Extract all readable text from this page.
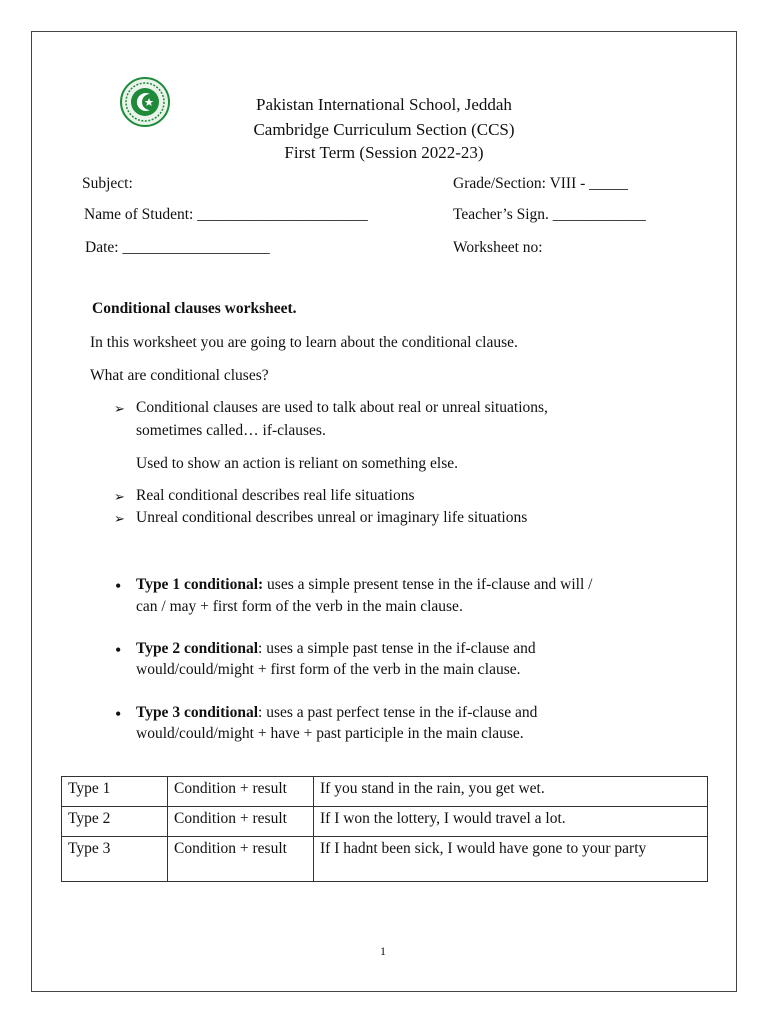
Pakistan International School, Jeddah
Cambridge Curriculum Section (CCS)
First Term (Session 2022-23)
Subject:	Grade/Section: VIII - _____
Name of Student: ______________________	Teacher’s Sign. ____________
Date: ___________________	Worksheet no:
Conditional clauses worksheet.
In this worksheet you are going to learn about the conditional clause.
What are conditional cluses?
➢ Conditional clauses are used to talk about real or unreal situations,
sometimes called… if-clauses.
Used to show an action is reliant on something else.
➢ Real conditional describes real life situations
➢ Unreal conditional describes unreal or imaginary life situations
• Type 1 conditional: uses a simple present tense in the if-clause and will /
can / may + first form of the verb in the main clause.
• Type 2 conditional: uses a simple past tense in the if-clause and
would/could/might + first form of the verb in the main clause.
• Type 3 conditional: uses a past perfect tense in the if-clause and
would/could/might + have + past participle in the main clause.
Type 1	Condition + result	If you stand in the rain, you get wet.
Type 2	Condition + result	If I won the lottery, I would travel a lot.
Type 3	Condition + result	If I hadnt been sick, I would have gone to your party
1
